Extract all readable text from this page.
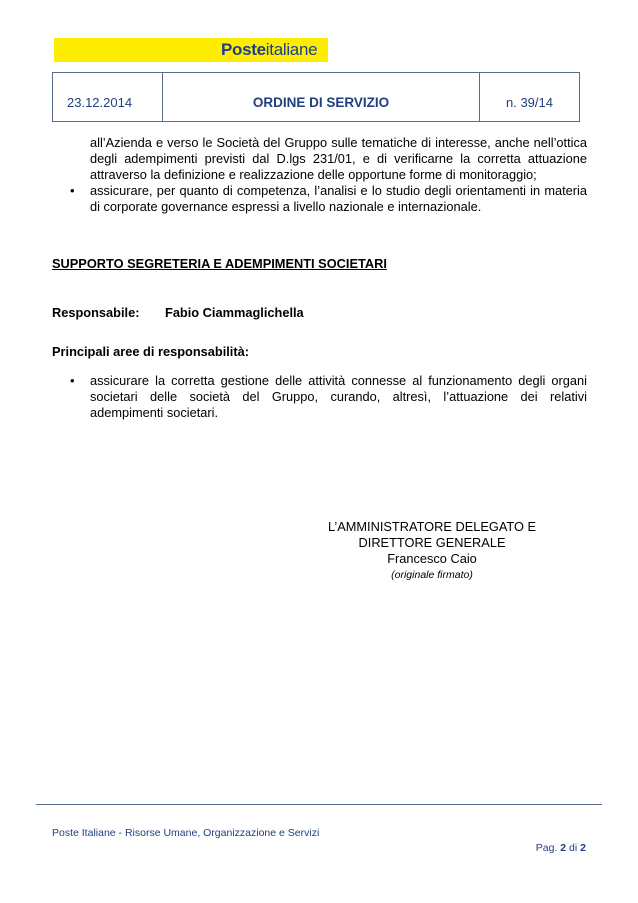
Posteitaliane
23.12.2014	ORDINE DI SERVIZIO	n. 39/14
all’Azienda e verso le Società del Gruppo sulle tematiche di interesse, anche nell’ottica
degli adempimenti previsti dal D.lgs 231/01, e di verificarne la corretta attuazione
attraverso la definizione e realizzazione delle opportune forme di monitoraggio;
• assicurare, per quanto di competenza, l’analisi e lo studio degli orientamenti in materia
di corporate governance espressi a livello nazionale e internazionale.
SUPPORTO SEGRETERIA E ADEMPIMENTI SOCIETARI
Responsabile: Fabio Ciammaglichella
Principali aree di responsabilità:
• assicurare la corretta gestione delle attività connesse al funzionamento degli organi
societari delle società del Gruppo, curando, altresì, l’attuazione dei relativi
adempimenti societari.
L’AMMINISTRATORE DELEGATO E
DIRETTORE GENERALE
Francesco Caio
(originale firmato)
Poste Italiane - Risorse Umane, Organizzazione e Servizi
Pag. 2 di 2
